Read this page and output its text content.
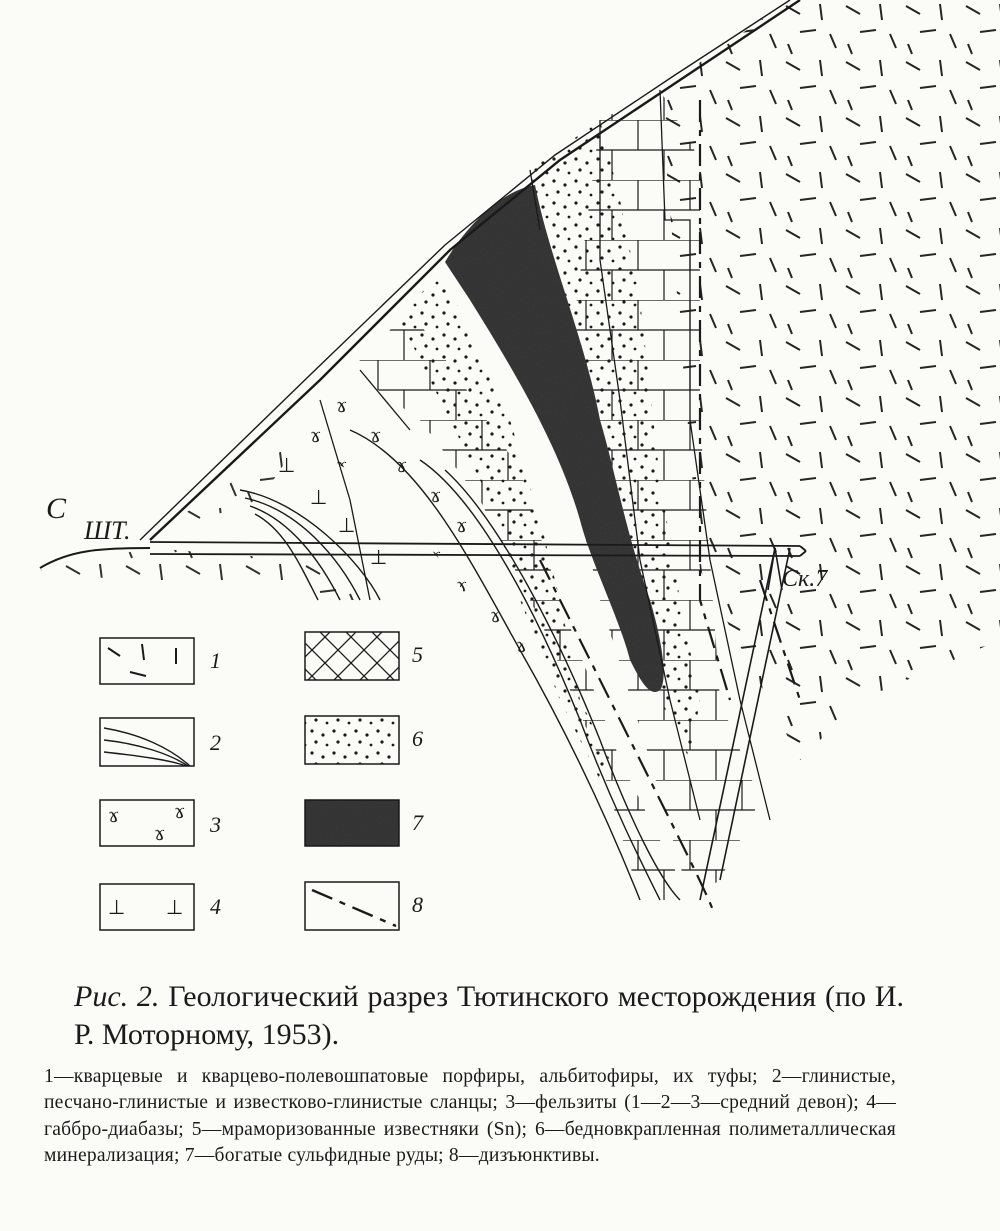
ɤ	ɤ
ɤ
⊥ ⊥
С
ШТ.
Ск.7
1
2
3
4
5
6
7
8
Рис. 2. Геологический разрез Тютинского месторождения (по И. Р. Моторному, 1953).
1—кварцевые и кварцево-полевошпатовые порфиры, альбитофиры, их туфы; 2—глинистые, песчано-глинистые и известково-глинистые сланцы; 3—фельзиты (1—2—3—средний девон); 4—габбро-диабазы; 5—мраморизованные известняки (Sn); 6—бедновкрапленная полиметаллическая минерализация; 7—богатые сульфидные руды; 8—дизъюнктивы.
